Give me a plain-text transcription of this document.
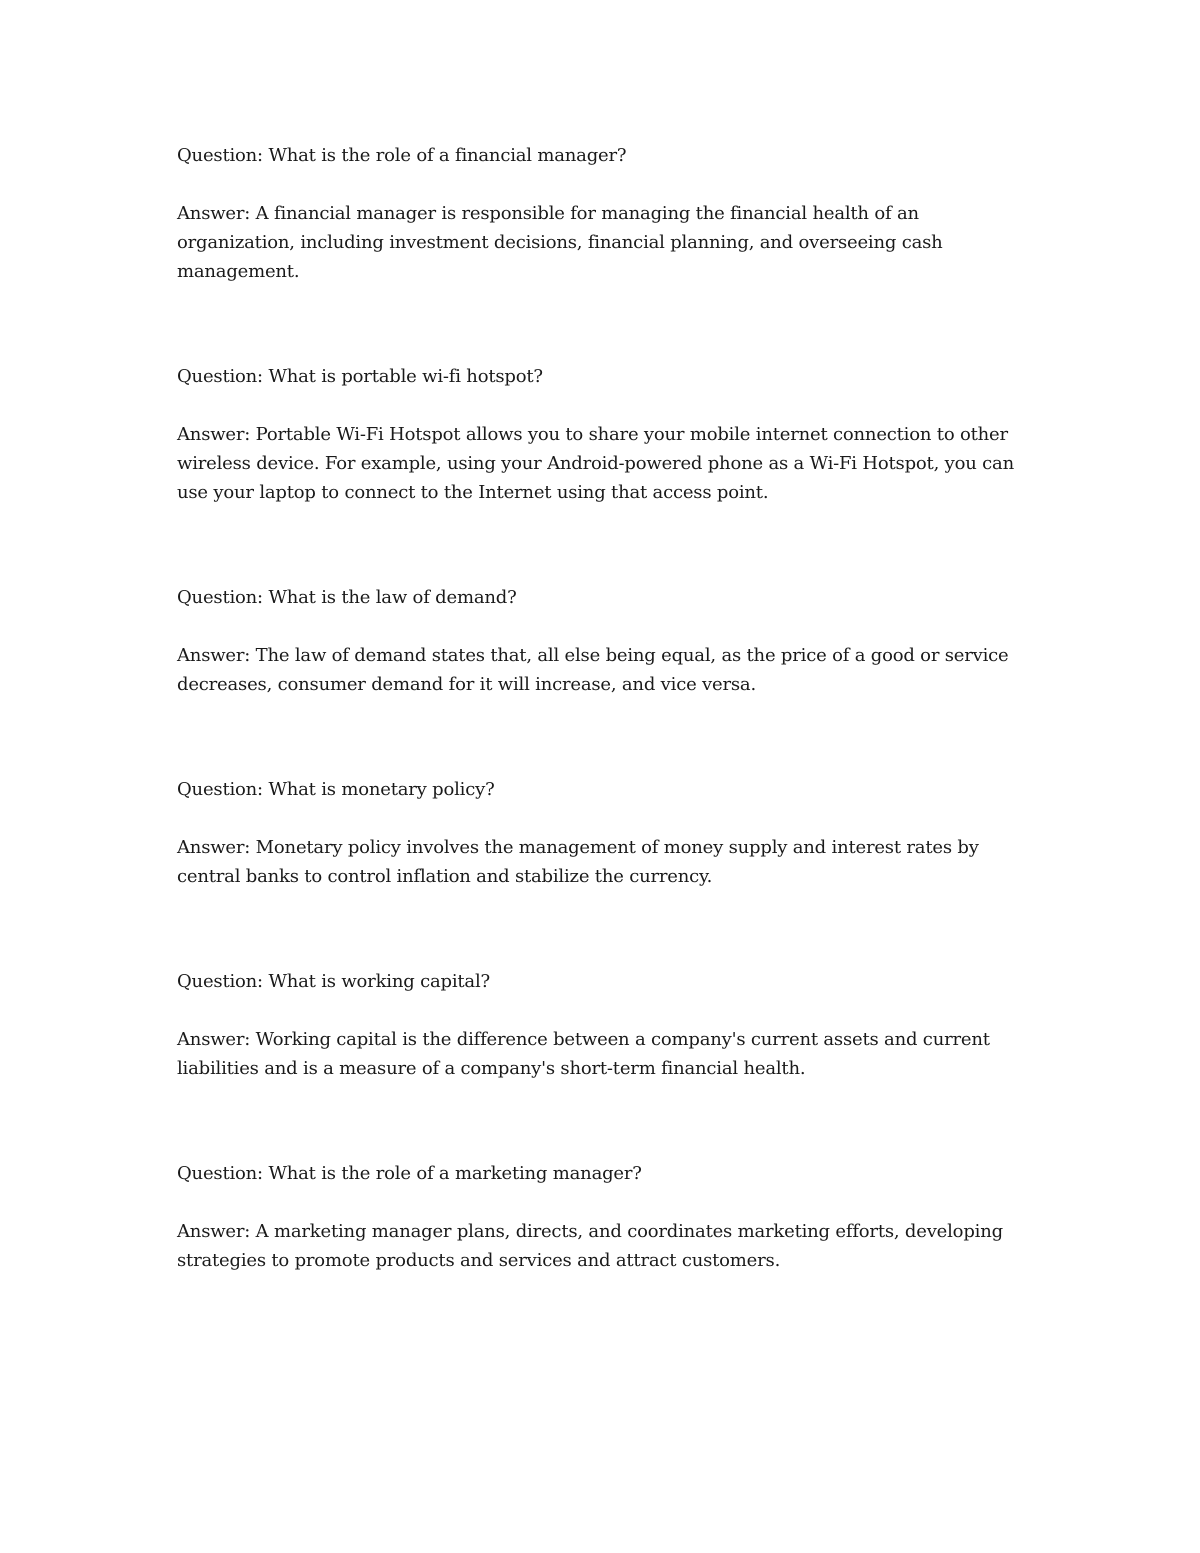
Question: What is the role of a financial manager?

Answer: A financial manager is responsible for managing the financial health of an organization, including investment decisions, financial planning, and overseeing cash management.

Question: What is portable wi-fi hotspot?

Answer: Portable Wi-Fi Hotspot allows you to share your mobile internet connection to other wireless device. For example, using your Android-powered phone as a Wi-Fi Hotspot, you can use your laptop to connect to the Internet using that access point.

Question: What is the law of demand?

Answer: The law of demand states that, all else being equal, as the price of a good or service decreases, consumer demand for it will increase, and vice versa.

Question: What is monetary policy?

Answer: Monetary policy involves the management of money supply and interest rates by central banks to control inflation and stabilize the currency.

Question: What is working capital?

Answer: Working capital is the difference between a company's current assets and current liabilities and is a measure of a company's short-term financial health.

Question: What is the role of a marketing manager?

Answer: A marketing manager plans, directs, and coordinates marketing efforts, developing strategies to promote products and services and attract customers.
